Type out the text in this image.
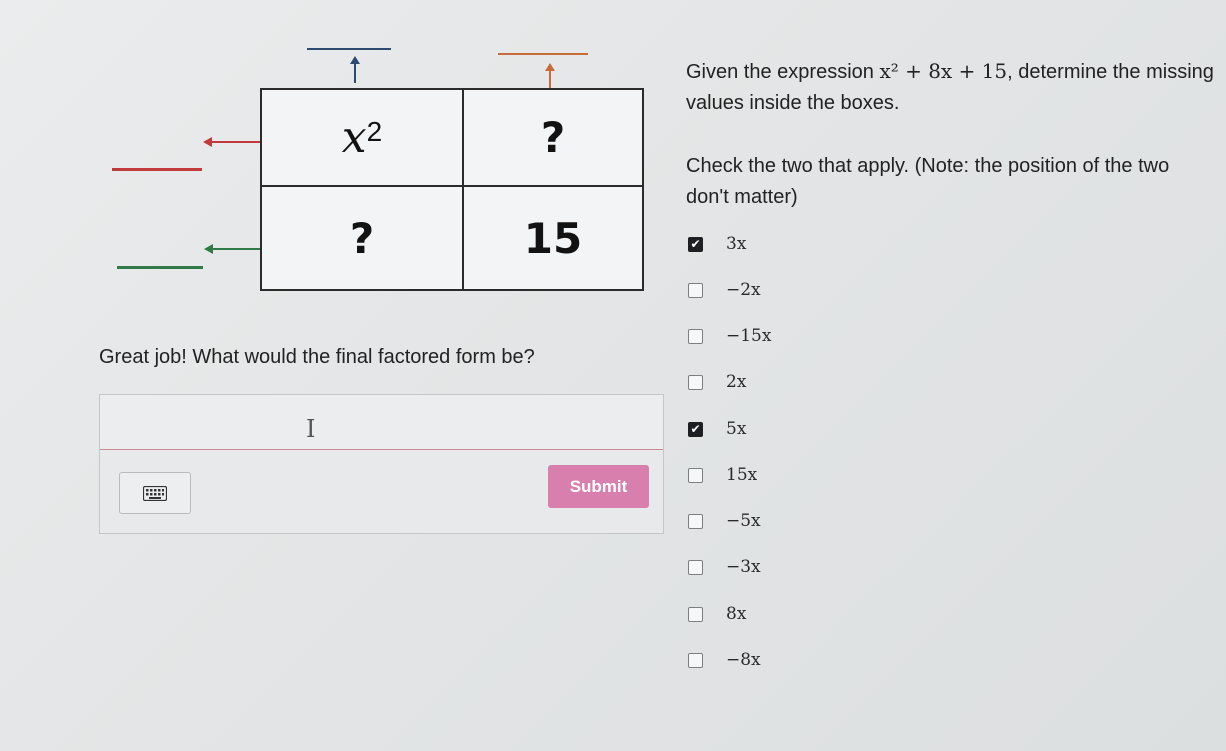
$x^2$	?
?	15
Given the expression x² + 8x + 15, determine the missing values inside the boxes.
Check the two that apply. (Note: the position of the two don't matter)
✔ 3x
−2x
−15x
2x
✔ 5x
15x
−5x
−3x
8x
−8x
Great job! What would the final factored form be?
I
Submit
